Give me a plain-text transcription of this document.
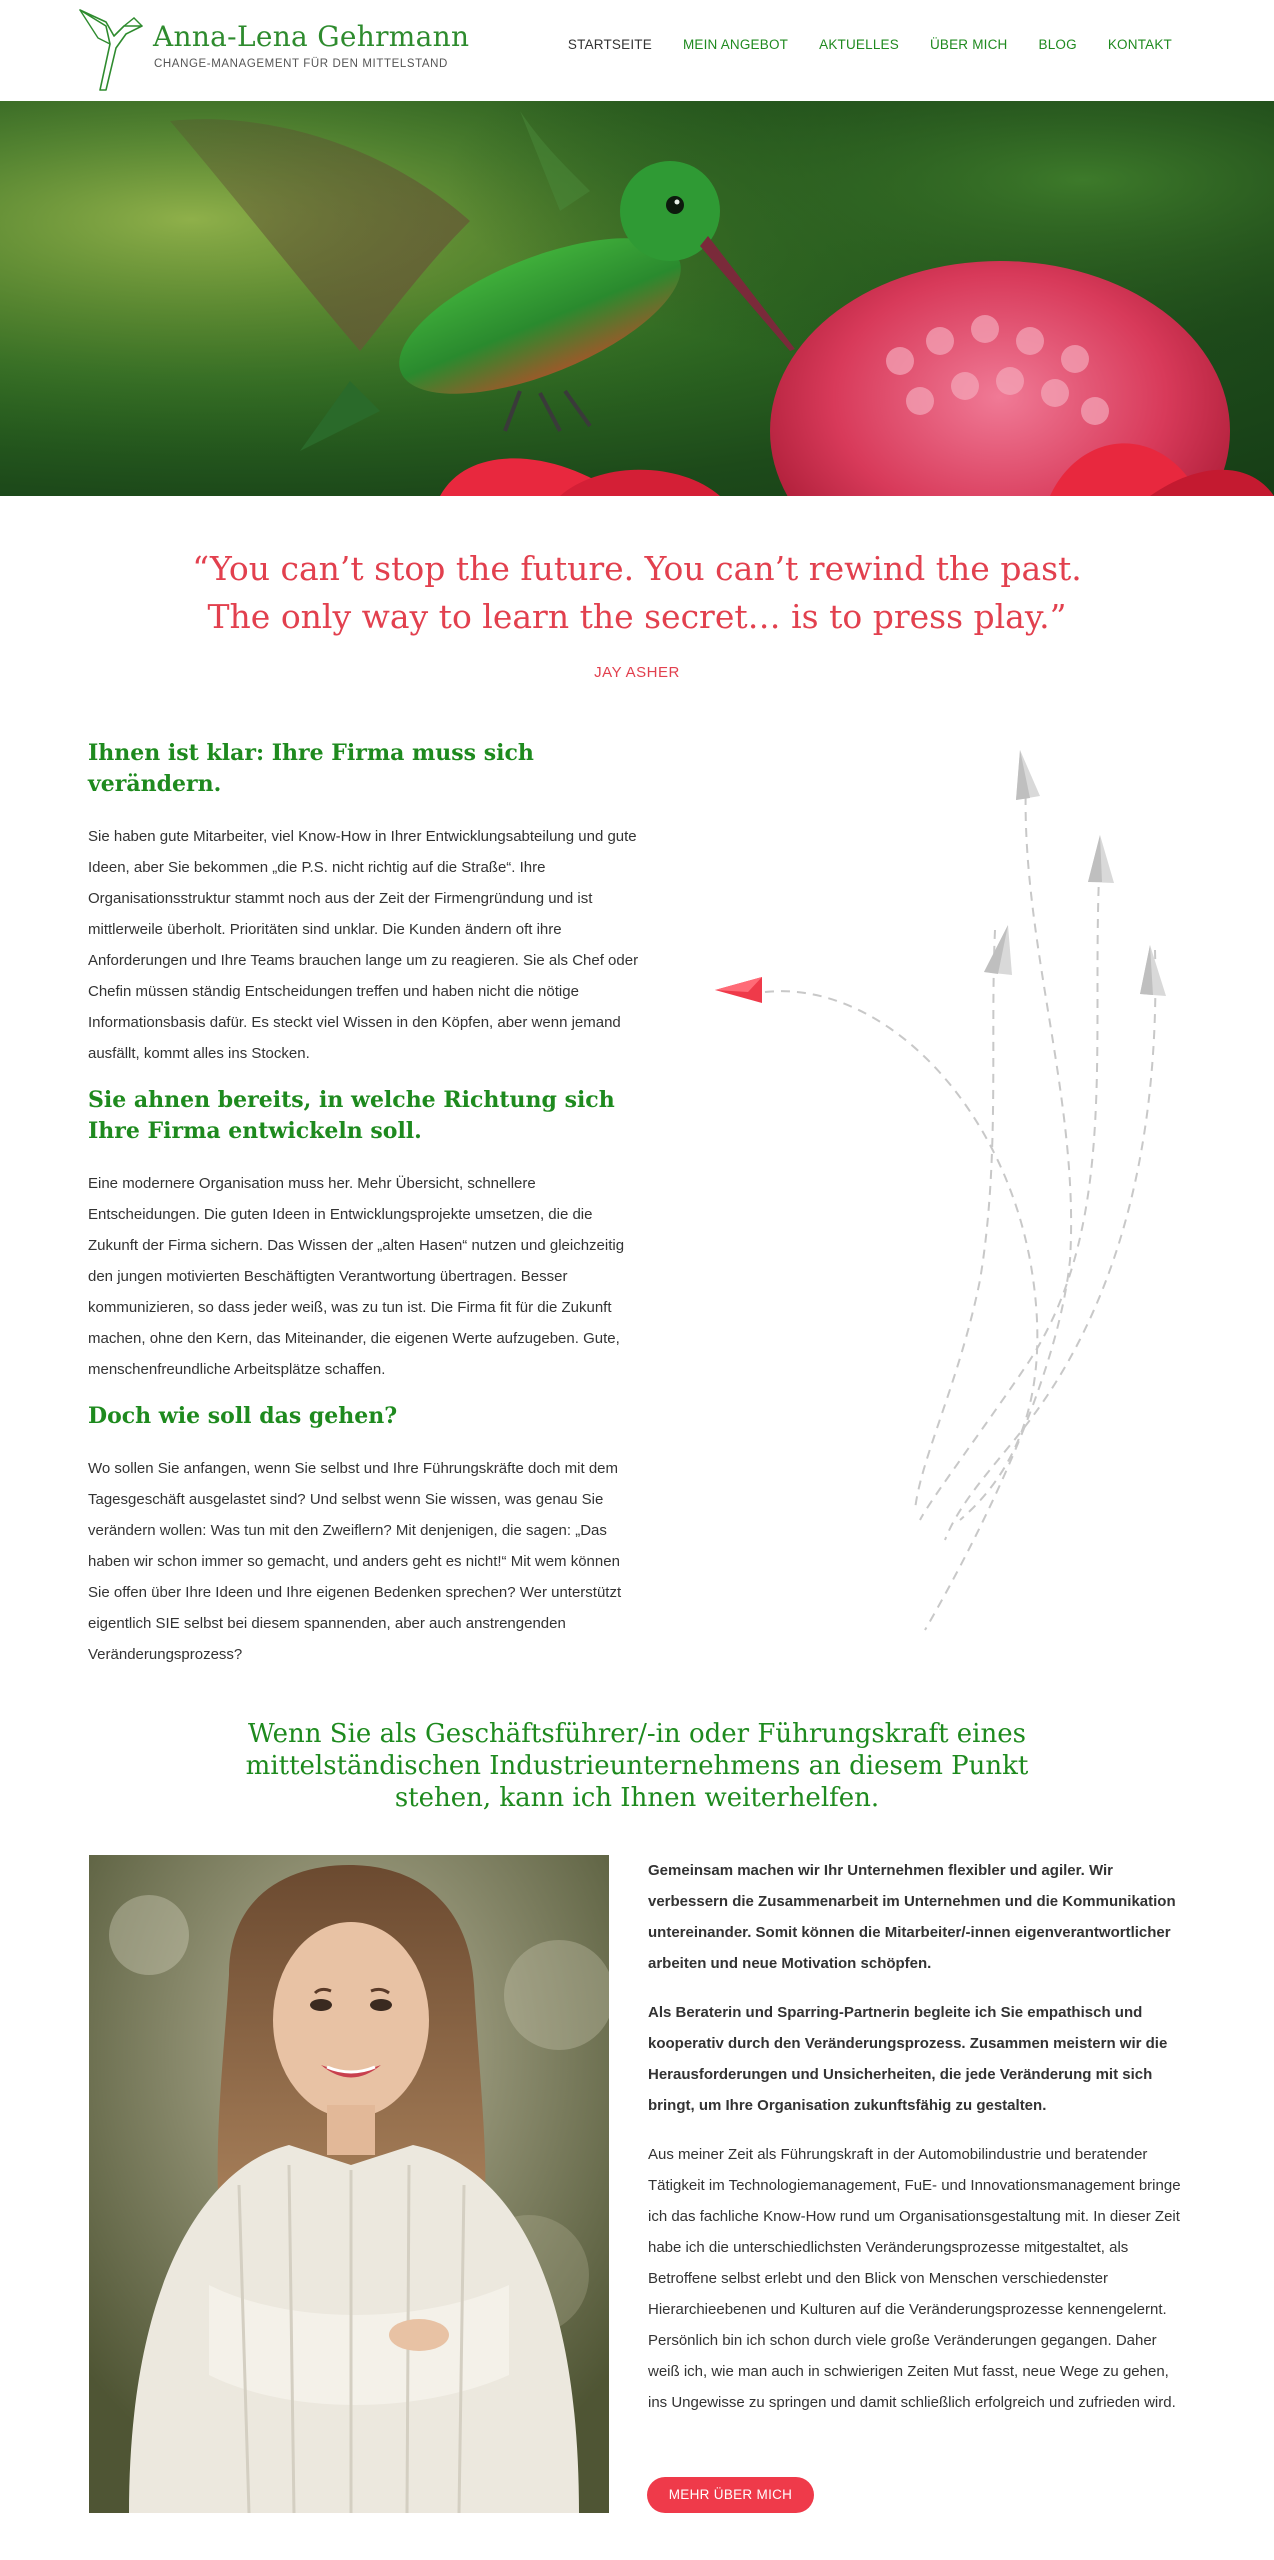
Anna-Lena Gehrmann
CHANGE-MANAGEMENT FÜR DEN MITTELSTAND
STARTSEITE MEIN ANGEBOT AKTUELLES ÜBER MICH BLOG KONTAKT
“You can’t stop the future. You can’t rewind the past.
The only way to learn the secret… is to press play.”
JAY ASHER
Ihnen ist klar: Ihre Firma muss sich verändern.

Sie haben gute Mitarbeiter, viel Know-How in Ihrer Entwicklungsabteilung und gute Ideen, aber Sie bekommen „die P.S. nicht richtig auf die Straße“. Ihre Organisationsstruktur stammt noch aus der Zeit der Firmengründung und ist mittlerweile überholt. Prioritäten sind unklar. Die Kunden ändern oft ihre Anforderungen und Ihre Teams brauchen lange um zu reagieren. Sie als Chef oder Chefin müssen ständig Entscheidungen treffen und haben nicht die nötige Informationsbasis dafür. Es steckt viel Wissen in den Köpfen, aber wenn jemand ausfällt, kommt alles ins Stocken.

Sie ahnen bereits, in welche Richtung sich Ihre Firma entwickeln soll.

Eine modernere Organisation muss her. Mehr Übersicht, schnellere Entscheidungen. Die guten Ideen in Entwicklungsprojekte umsetzen, die die Zukunft der Firma sichern. Das Wissen der „alten Hasen“ nutzen und gleichzeitig den jungen motivierten Beschäftigten Verantwortung übertragen. Besser kommunizieren, so dass jeder weiß, was zu tun ist. Die Firma fit für die Zukunft machen, ohne den Kern, das Miteinander, die eigenen Werte aufzugeben. Gute, menschenfreundliche Arbeitsplätze schaffen.

Doch wie soll das gehen?

Wo sollen Sie anfangen, wenn Sie selbst und Ihre Führungskräfte doch mit dem Tagesgeschäft ausgelastet sind? Und selbst wenn Sie wissen, was genau Sie verändern wollen: Was tun mit den Zweiflern? Mit denjenigen, die sagen: „Das haben wir schon immer so gemacht, und anders geht es nicht!“ Mit wem können Sie offen über Ihre Ideen und Ihre eigenen Bedenken sprechen? Wer unterstützt eigentlich SIE selbst bei diesem spannenden, aber auch anstrengenden Veränderungsprozess?

Wenn Sie als Geschäftsführer/-in oder Führungskraft eines
mittelständischen Industrieunternehmens an diesem Punkt
stehen, kann ich Ihnen weiterhelfen.

Gemeinsam machen wir Ihr Unternehmen flexibler und agiler. Wir verbessern die Zusammenarbeit im Unternehmen und die Kommunikation untereinander. Somit können die Mitarbeiter/-innen eigenverantwortlicher arbeiten und neue Motivation schöpfen.

Als Beraterin und Sparring-Partnerin begleite ich Sie empathisch und kooperativ durch den Veränderungsprozess. Zusammen meistern wir die Herausforderungen und Unsicherheiten, die jede Veränderung mit sich bringt, um Ihre Organisation zukunftsfähig zu gestalten.

Aus meiner Zeit als Führungskraft in der Automobilindustrie und beratender Tätigkeit im Technologiemanagement, FuE- und Innovationsmanagement bringe ich das fachliche Know-How rund um Organisationsgestaltung mit. In dieser Zeit habe ich die unterschiedlichsten Veränderungsprozesse mitgestaltet, als Betroffene selbst erlebt und den Blick von Menschen verschiedenster Hierarchieebenen und Kulturen auf die Veränderungsprozesse kennengelernt. Persönlich bin ich schon durch viele große Veränderungen gegangen. Daher weiß ich, wie man auch in schwierigen Zeiten Mut fasst, neue Wege zu gehen, ins Ungewisse zu springen und damit schließlich erfolgreich und zufrieden wird.

MEHR ÜBER MICH
